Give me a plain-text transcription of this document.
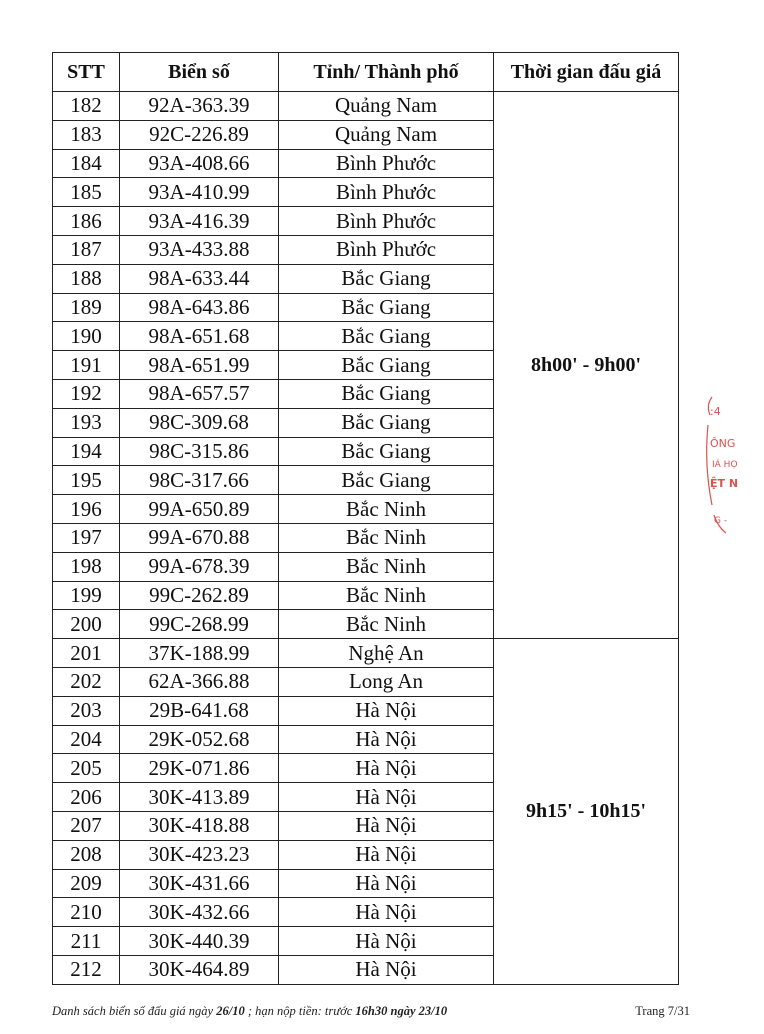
STT	Biển số	Tỉnh/ Thành phố	Thời gian đấu giá
182	92A-363.39	Quảng Nam	8h00' - 9h00'
183	92C-226.89	Quảng Nam	
184	93A-408.66	Bình Phước	
185	93A-410.99	Bình Phước	
186	93A-416.39	Bình Phước	
187	93A-433.88	Bình Phước	
188	98A-633.44	Bắc Giang	
189	98A-643.86	Bắc Giang	
190	98A-651.68	Bắc Giang	
191	98A-651.99	Bắc Giang	
192	98A-657.57	Bắc Giang	
193	98C-309.68	Bắc Giang	
194	98C-315.86	Bắc Giang	
195	98C-317.66	Bắc Giang	
196	99A-650.89	Bắc Ninh	
197	99A-670.88	Bắc Ninh	
198	99A-678.39	Bắc Ninh	
199	99C-262.89	Bắc Ninh	
200	99C-268.99	Bắc Ninh	
201	37K-188.99	Nghệ An	9h15' - 10h15'
202	62A-366.88	Long An	
203	29B-641.68	Hà Nội	
204	29K-052.68	Hà Nội	
205	29K-071.86	Hà Nội	
206	30K-413.89	Hà Nội	
207	30K-418.88	Hà Nội	
208	30K-423.23	Hà Nội	
209	30K-431.66	Hà Nội	
210	30K-432.66	Hà Nội	
211	30K-440.39	Hà Nội	
212	30K-464.89	Hà Nội	
Danh sách biển số đấu giá ngày 26/10 ; hạn nộp tiền: trước 16h30 ngày 23/10	Trang 7/31
:4
ÔNG
IÁ HỌ
ỆT N
G -
